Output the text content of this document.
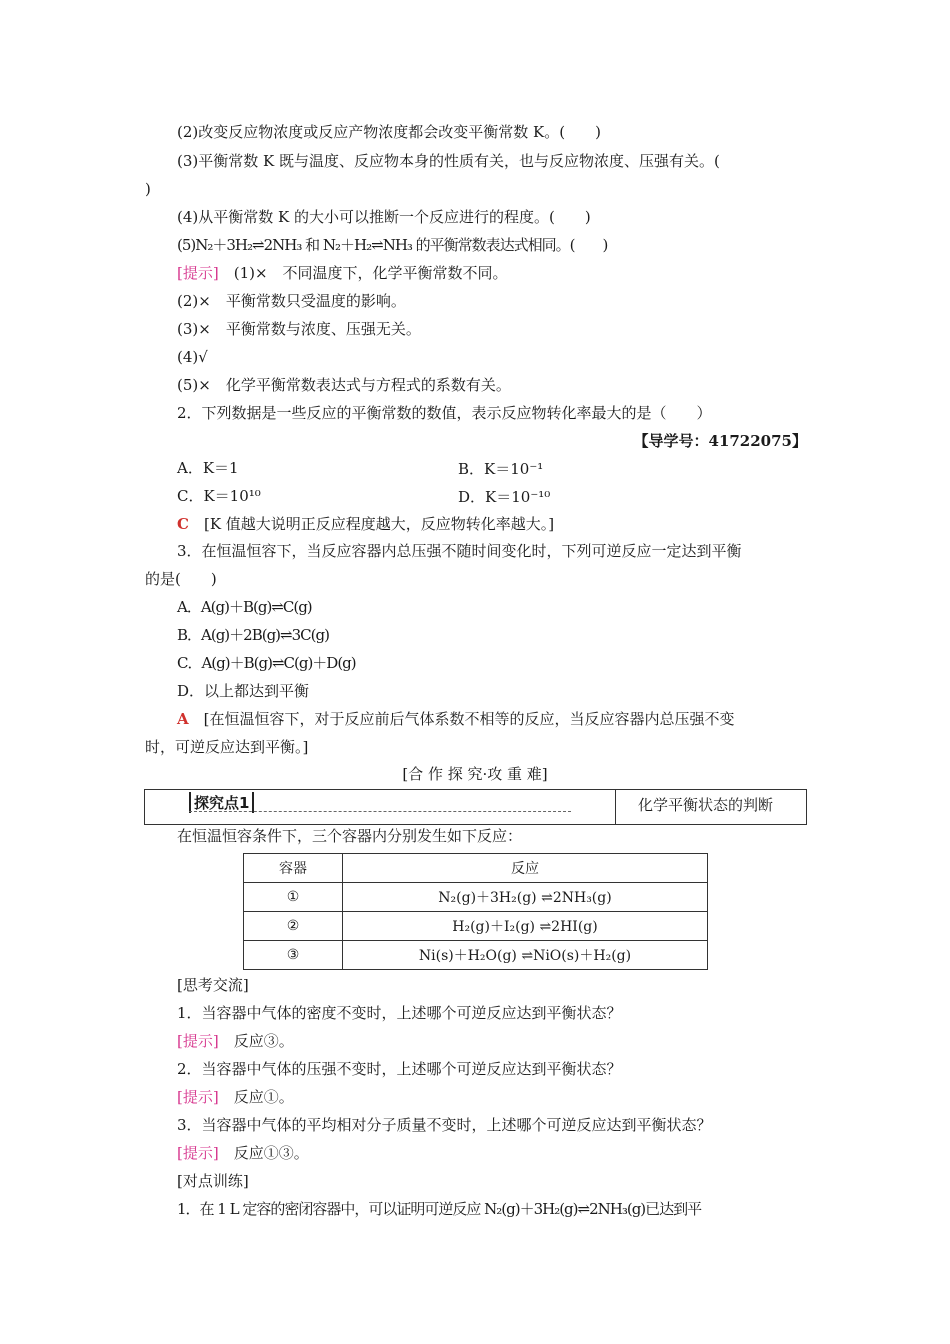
(2)改变反应物浓度或反应产物浓度都会改变平衡常数 K。(　　)
(3)平衡常数 K 既与温度、反应物本身的性质有关，也与反应物浓度、压强有关。(
)
(4)从平衡常数 K 的大小可以推断一个反应进行的程度。(　　)
(5)N₂＋3H₂⇌2NH₃ 和 N₂＋H₂⇌NH₃ 的平衡常数表达式相同。(　　)
[提示]　(1)×　不同温度下，化学平衡常数不同。
(2)×　平衡常数只受温度的影响。
(3)×　平衡常数与浓度、压强无关。
(4)√
(5)×　化学平衡常数表达式与方程式的系数有关。
2．下列数据是一些反应的平衡常数的数值，表示反应物转化率最大的是（　　）
【导学号：41722075】
A．K＝1	B．K＝10⁻¹
C．K＝10¹⁰	D．K＝10⁻¹⁰
C　 [K 值越大说明正反应程度越大，反应物转化率越大。]
3．在恒温恒容下，当反应容器内总压强不随时间变化时，下列可逆反应一定达到平衡
的是(　　)
A．A(g)＋B(g)⇌C(g)
B．A(g)＋2B(g)⇌3C(g)
C．A(g)＋B(g)⇌C(g)＋D(g)
D．以上都达到平衡
A　 [在恒温恒容下，对于反应前后气体系数不相等的反应，当反应容器内总压强不变
时，可逆反应达到平衡。]
[合 作 探 究·攻 重 难]
探究点1	化学平衡状态的判断
在恒温恒容条件下，三个容器内分别发生如下反应：
容器	反应
①	N₂(g)＋3H₂(g) ⇌2NH₃(g)
②	H₂(g)＋I₂(g) ⇌2HI(g)
③	Ni(s)＋H₂O(g) ⇌NiO(s)＋H₂(g)
[思考交流]
1．当容器中气体的密度不变时，上述哪个可逆反应达到平衡状态？
[提示]　反应③。
2．当容器中气体的压强不变时，上述哪个可逆反应达到平衡状态？
[提示]　反应①。
3．当容器中气体的平均相对分子质量不变时，上述哪个可逆反应达到平衡状态？
[提示]　反应①③。
[对点训练]
1．在 1 L 定容的密闭容器中，可以证明可逆反应 N₂(g)＋3H₂(g)⇌2NH₃(g)已达到平
